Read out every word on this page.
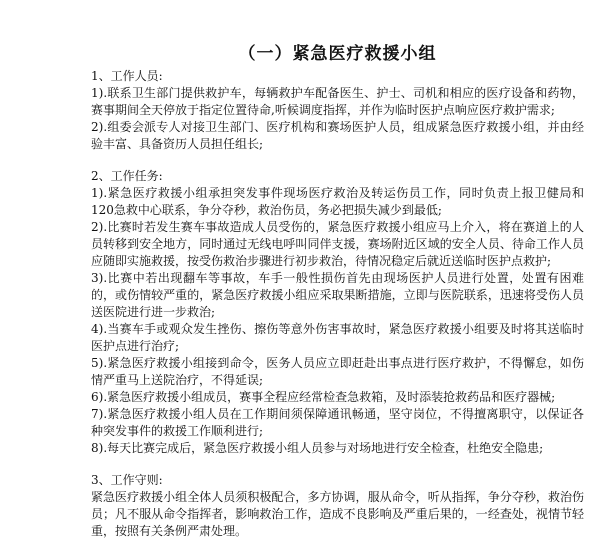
（一）紧急医疗救援小组

1、工作人员:

1).联系卫生部门提供救护车，每辆救护车配备医生、护士、司机和相应的医疗设备和药物，赛事期间全天停放于指定位置待命,听候调度指挥，并作为临时医护点响应医疗救护需求;

2).组委会派专人对接卫生部门、医疗机构和赛场医护人员，组成紧急医疗救援小组，并由经验丰富、具备资历人员担任组长;

2、工作任务:

1).紧急医疗救援小组承担突发事件现场医疗救治及转运伤员工作，同时负责上报卫健局和120急救中心联系，争分夺秒，救治伤员，务必把损失减少到最低;

2).比赛时若发生赛车事故造成人员受伤的，紧急医疗救援小组应马上介入，将在赛道上的人员转移到安全地方，同时通过无线电呼叫同伴支援，赛场附近区域的安全人员、待命工作人员应随即实施救援，按受伤救治步骤进行初步救治，待情况稳定后就近送临时医护点救护;

3).比赛中若出现翻车等事故，车手一般性损伤首先由现场医护人员进行处置，处置有困难的，或伤情较严重的，紧急医疗救援小组应采取果断措施，立即与医院联系，迅速将受伤人员送医院进行进一步救治;

4).当赛车手或观众发生挫伤、擦伤等意外伤害事故时，紧急医疗救援小组要及时将其送临时医护点进行治疗;

5).紧急医疗救援小组接到命令，医务人员应立即赶赴出事点进行医疗救护，不得懈怠，如伤情严重马上送院治疗，不得延误;

6).紧急医疗救援小组成员，赛事全程应经常检查急救箱，及时添装抢救药品和医疗器械;

7).紧急医疗救援小组人员在工作期间须保障通讯畅通，坚守岗位，不得擅离职守，以保证各种突发事件的救援工作顺利进行;

8).每天比赛完成后，紧急医疗救援小组人员参与对场地进行安全检查，杜绝安全隐患;

3、工作守则:

紧急医疗救援小组全体人员须积极配合，多方协调，服从命令，听从指挥，争分夺秒，救治伤员；凡不服从命令指挥者，影响救治工作，造成不良影响及严重后果的，一经查处，视情节轻重，按照有关条例严肃处理。
